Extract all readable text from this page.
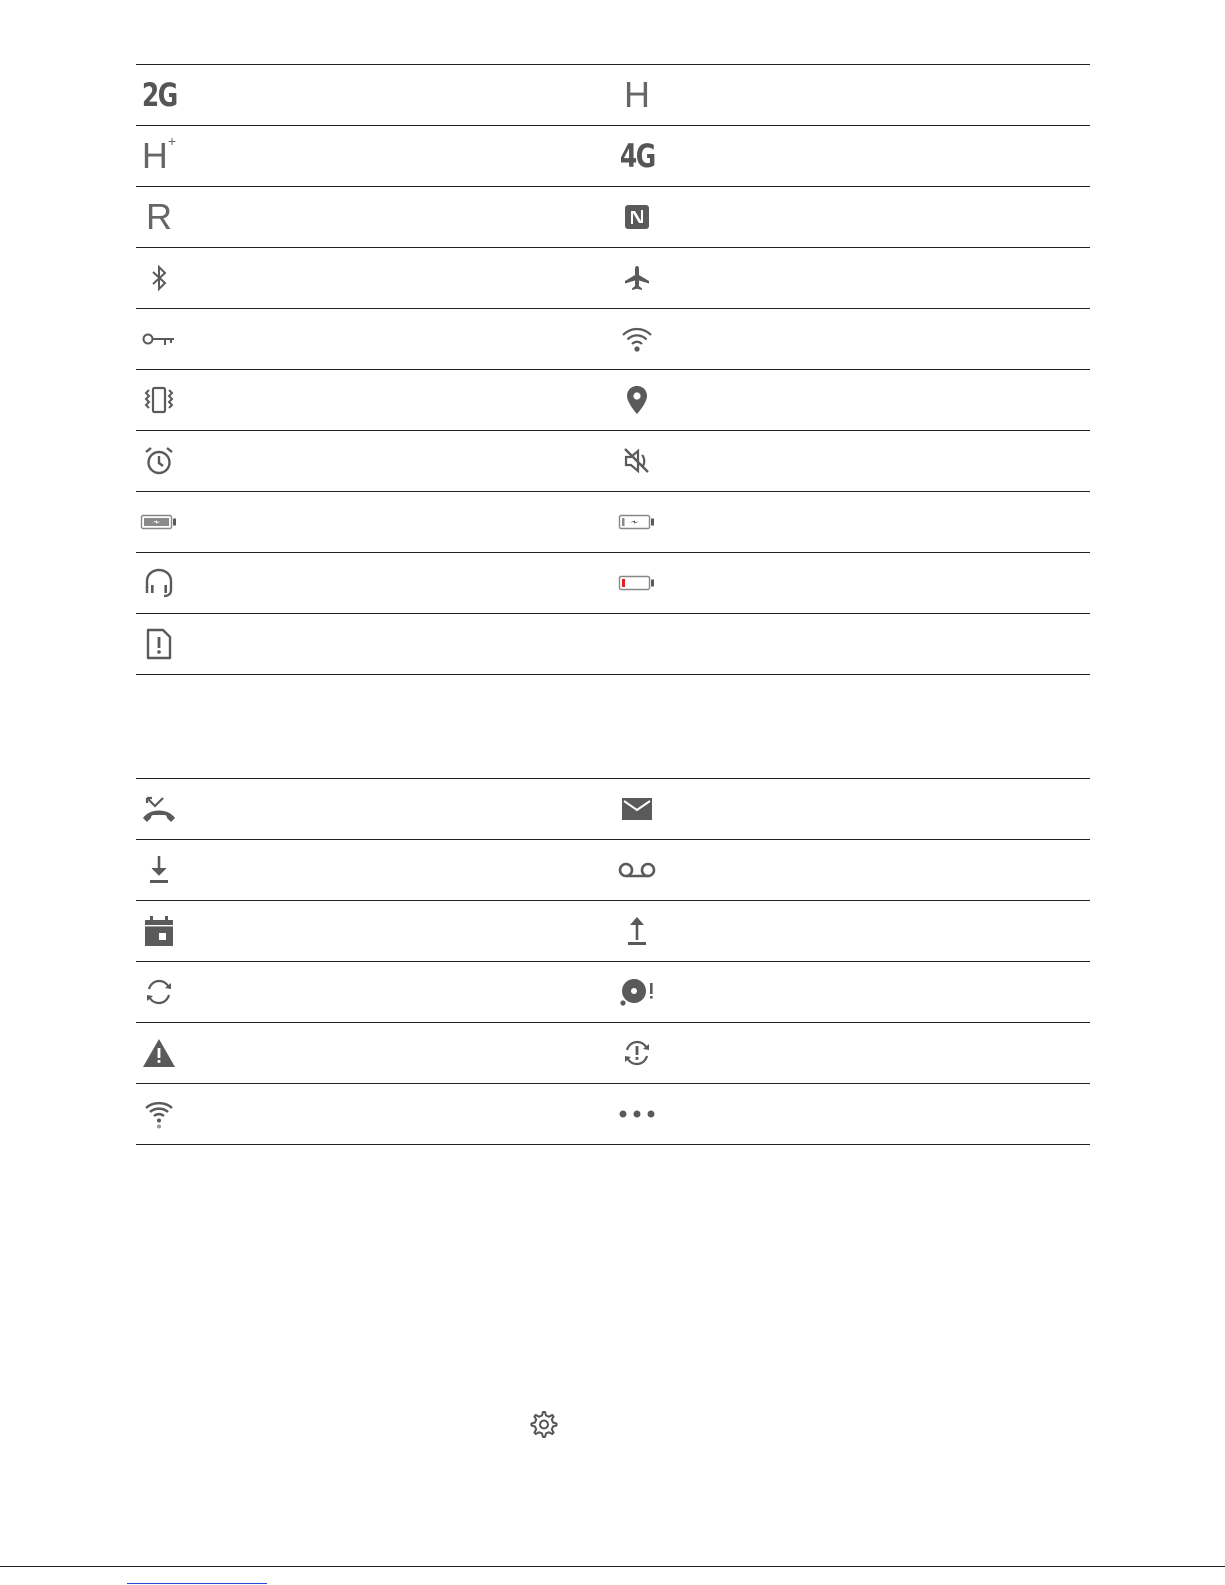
2G	H
H+	4G
R
